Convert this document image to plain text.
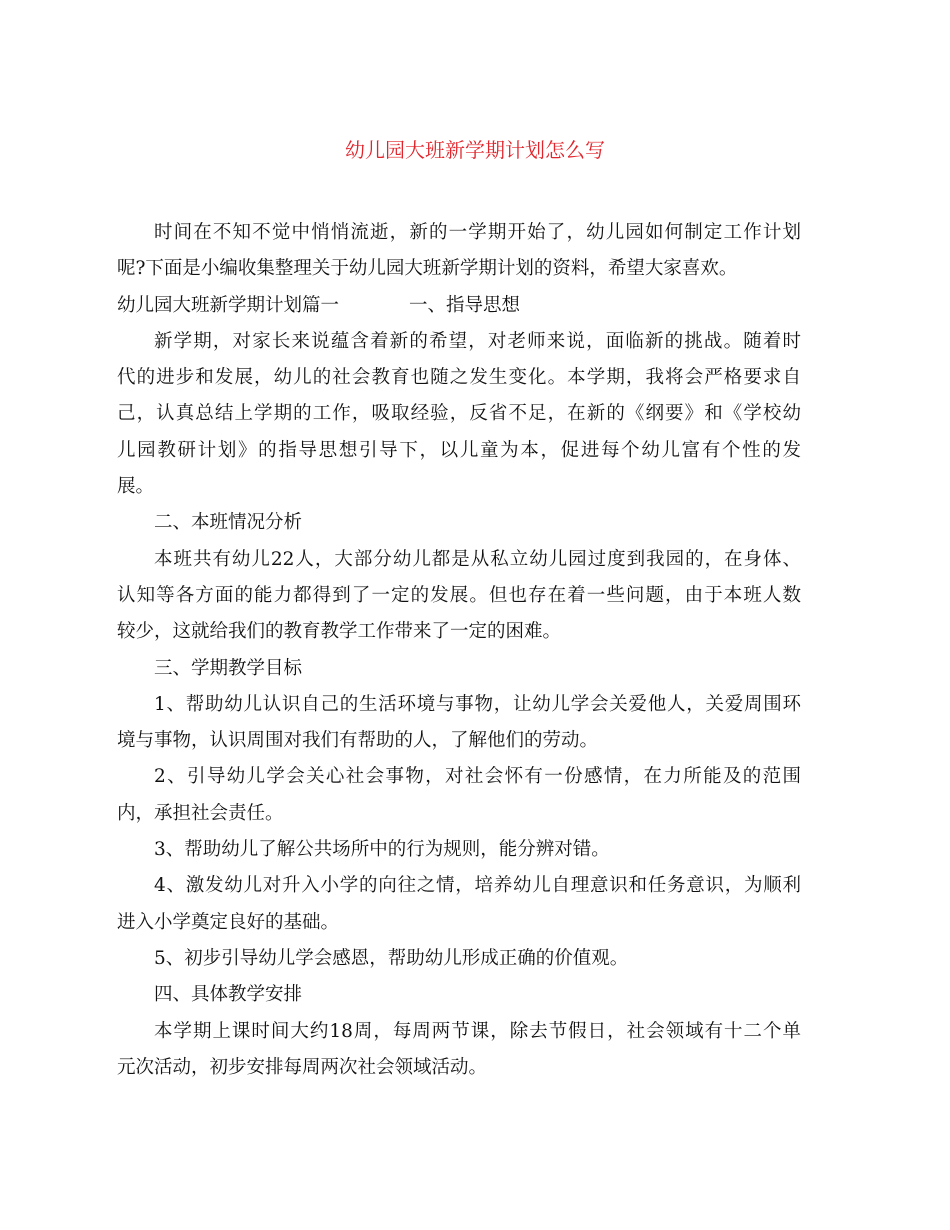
幼儿园大班新学期计划怎么写
时间在不知不觉中悄悄流逝，新的一学期开始了，幼儿园如何制定工作计划
呢?下面是小编收集整理关于幼儿园大班新学期计划的资料，希望大家喜欢。
幼儿园大班新学期计划篇一	一、指导思想
新学期，对家长来说蕴含着新的希望，对老师来说，面临新的挑战。随着时
代的进步和发展，幼儿的社会教育也随之发生变化。本学期，我将会严格要求自
己，认真总结上学期的工作，吸取经验，反省不足，在新的《纲要》和《学校幼
儿园教研计划》的指导思想引导下，以儿童为本，促进每个幼儿富有个性的发
展。
二、本班情况分析
本班共有幼儿22人，大部分幼儿都是从私立幼儿园过度到我园的，在身体、
认知等各方面的能力都得到了一定的发展。但也存在着一些问题，由于本班人数
较少，这就给我们的教育教学工作带来了一定的困难。
三、学期教学目标
1、帮助幼儿认识自己的生活环境与事物，让幼儿学会关爱他人，关爱周围环
境与事物，认识周围对我们有帮助的人，了解他们的劳动。
2、引导幼儿学会关心社会事物，对社会怀有一份感情，在力所能及的范围
内，承担社会责任。
3、帮助幼儿了解公共场所中的行为规则，能分辨对错。
4、激发幼儿对升入小学的向往之情，培养幼儿自理意识和任务意识，为顺利
进入小学奠定良好的基础。
5、初步引导幼儿学会感恩，帮助幼儿形成正确的价值观。
四、具体教学安排
本学期上课时间大约18周，每周两节课，除去节假日，社会领域有十二个单
元次活动，初步安排每周两次社会领域活动。
